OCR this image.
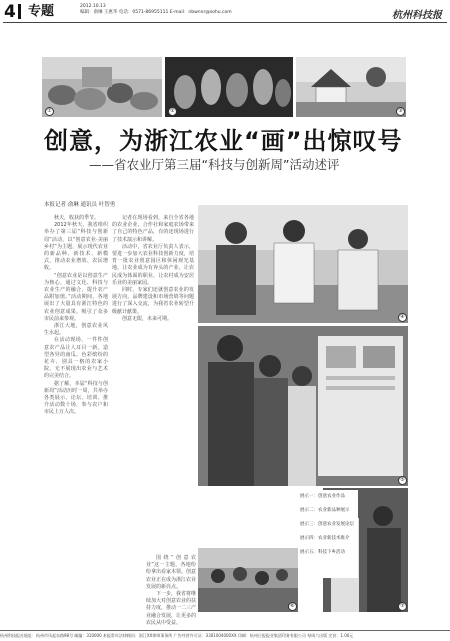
4 专题	2012.10.13
编辑：俞琳 王惠华 电话：0571-86955111 E-mail：nbwnnr@sohu.com	杭州科技报
①	②	③
创意，为浙江农业“画”出惊叹号
——省农业厅第三届“科技与创新周”活动述评
本报记者 俞琳 通讯员 叶智勇

秋天，收获的季节。

2012年秋天，我省组织举办了第三届“科技与创新周”活动，以“创意农业·美丽乡村”为主题，展示现代农业的新品种、新技术、新模式，推动农业增效、农民增收。

“创意农业是以创意生产为核心，通过文化、科技与农业生产的融合，提升农产品附加值。”活动期间，各地展出了大量具有浙江特色的农业创意成果，吸引了众多市民前来参观。

浙江大地，创意农业风生水起。

在活动现场，一件件创意农产品让人耳目一新。造型各异的南瓜、色彩缤纷的花卉、别具一格的农家小院，无不展现出农业与艺术的完美结合。

据了解，本届“科技与创新周”活动历时一周，共举办各类展示、论坛、培训、推介活动数十场，参与农户和市民上万人次。

记者在现场看到，来自全省各地的农业企业、合作社和家庭农场带来了自己的特色产品，有的还现场进行了技术演示和讲解。

活动中，省农业厅负责人表示，要进一步加大农业科技创新力度，培育一批农业创意园区和休闲观光基地，让农业成为有奔头的产业、让农民成为体面的职业、让农村成为安居乐业的美丽家园。

同时，专家们还就创意农业的发展方向、品牌建设和市场营销等问题进行了深入交流，为我省农业转型升级献计献策。

创意无限，未来可期。

围绕“创意农业”这一主题，各地纷纷拿出看家本领。创意农业正在成为浙江农业发展的新亮点。

下一步，我省将继续加大对创意农业的扶持力度，推动一二三产业融合发展，让更多的农民从中受益。

④
⑤
⑥	⑦
展示一：创意农业作品
展示二：农业新品种展示
展示三：创意农业发展论坛
展示四：农业新技术推介
展示五：科技下乡活动
杭州科技报社地址：杭州市凤起东路98号 邮编：310000 本报常年法律顾问：浙江XX律师事务所 广告经营许可证：3301004000XX 印刷：杭州日报报业集团印务有限公司 每周六出版 定价：1.00元
